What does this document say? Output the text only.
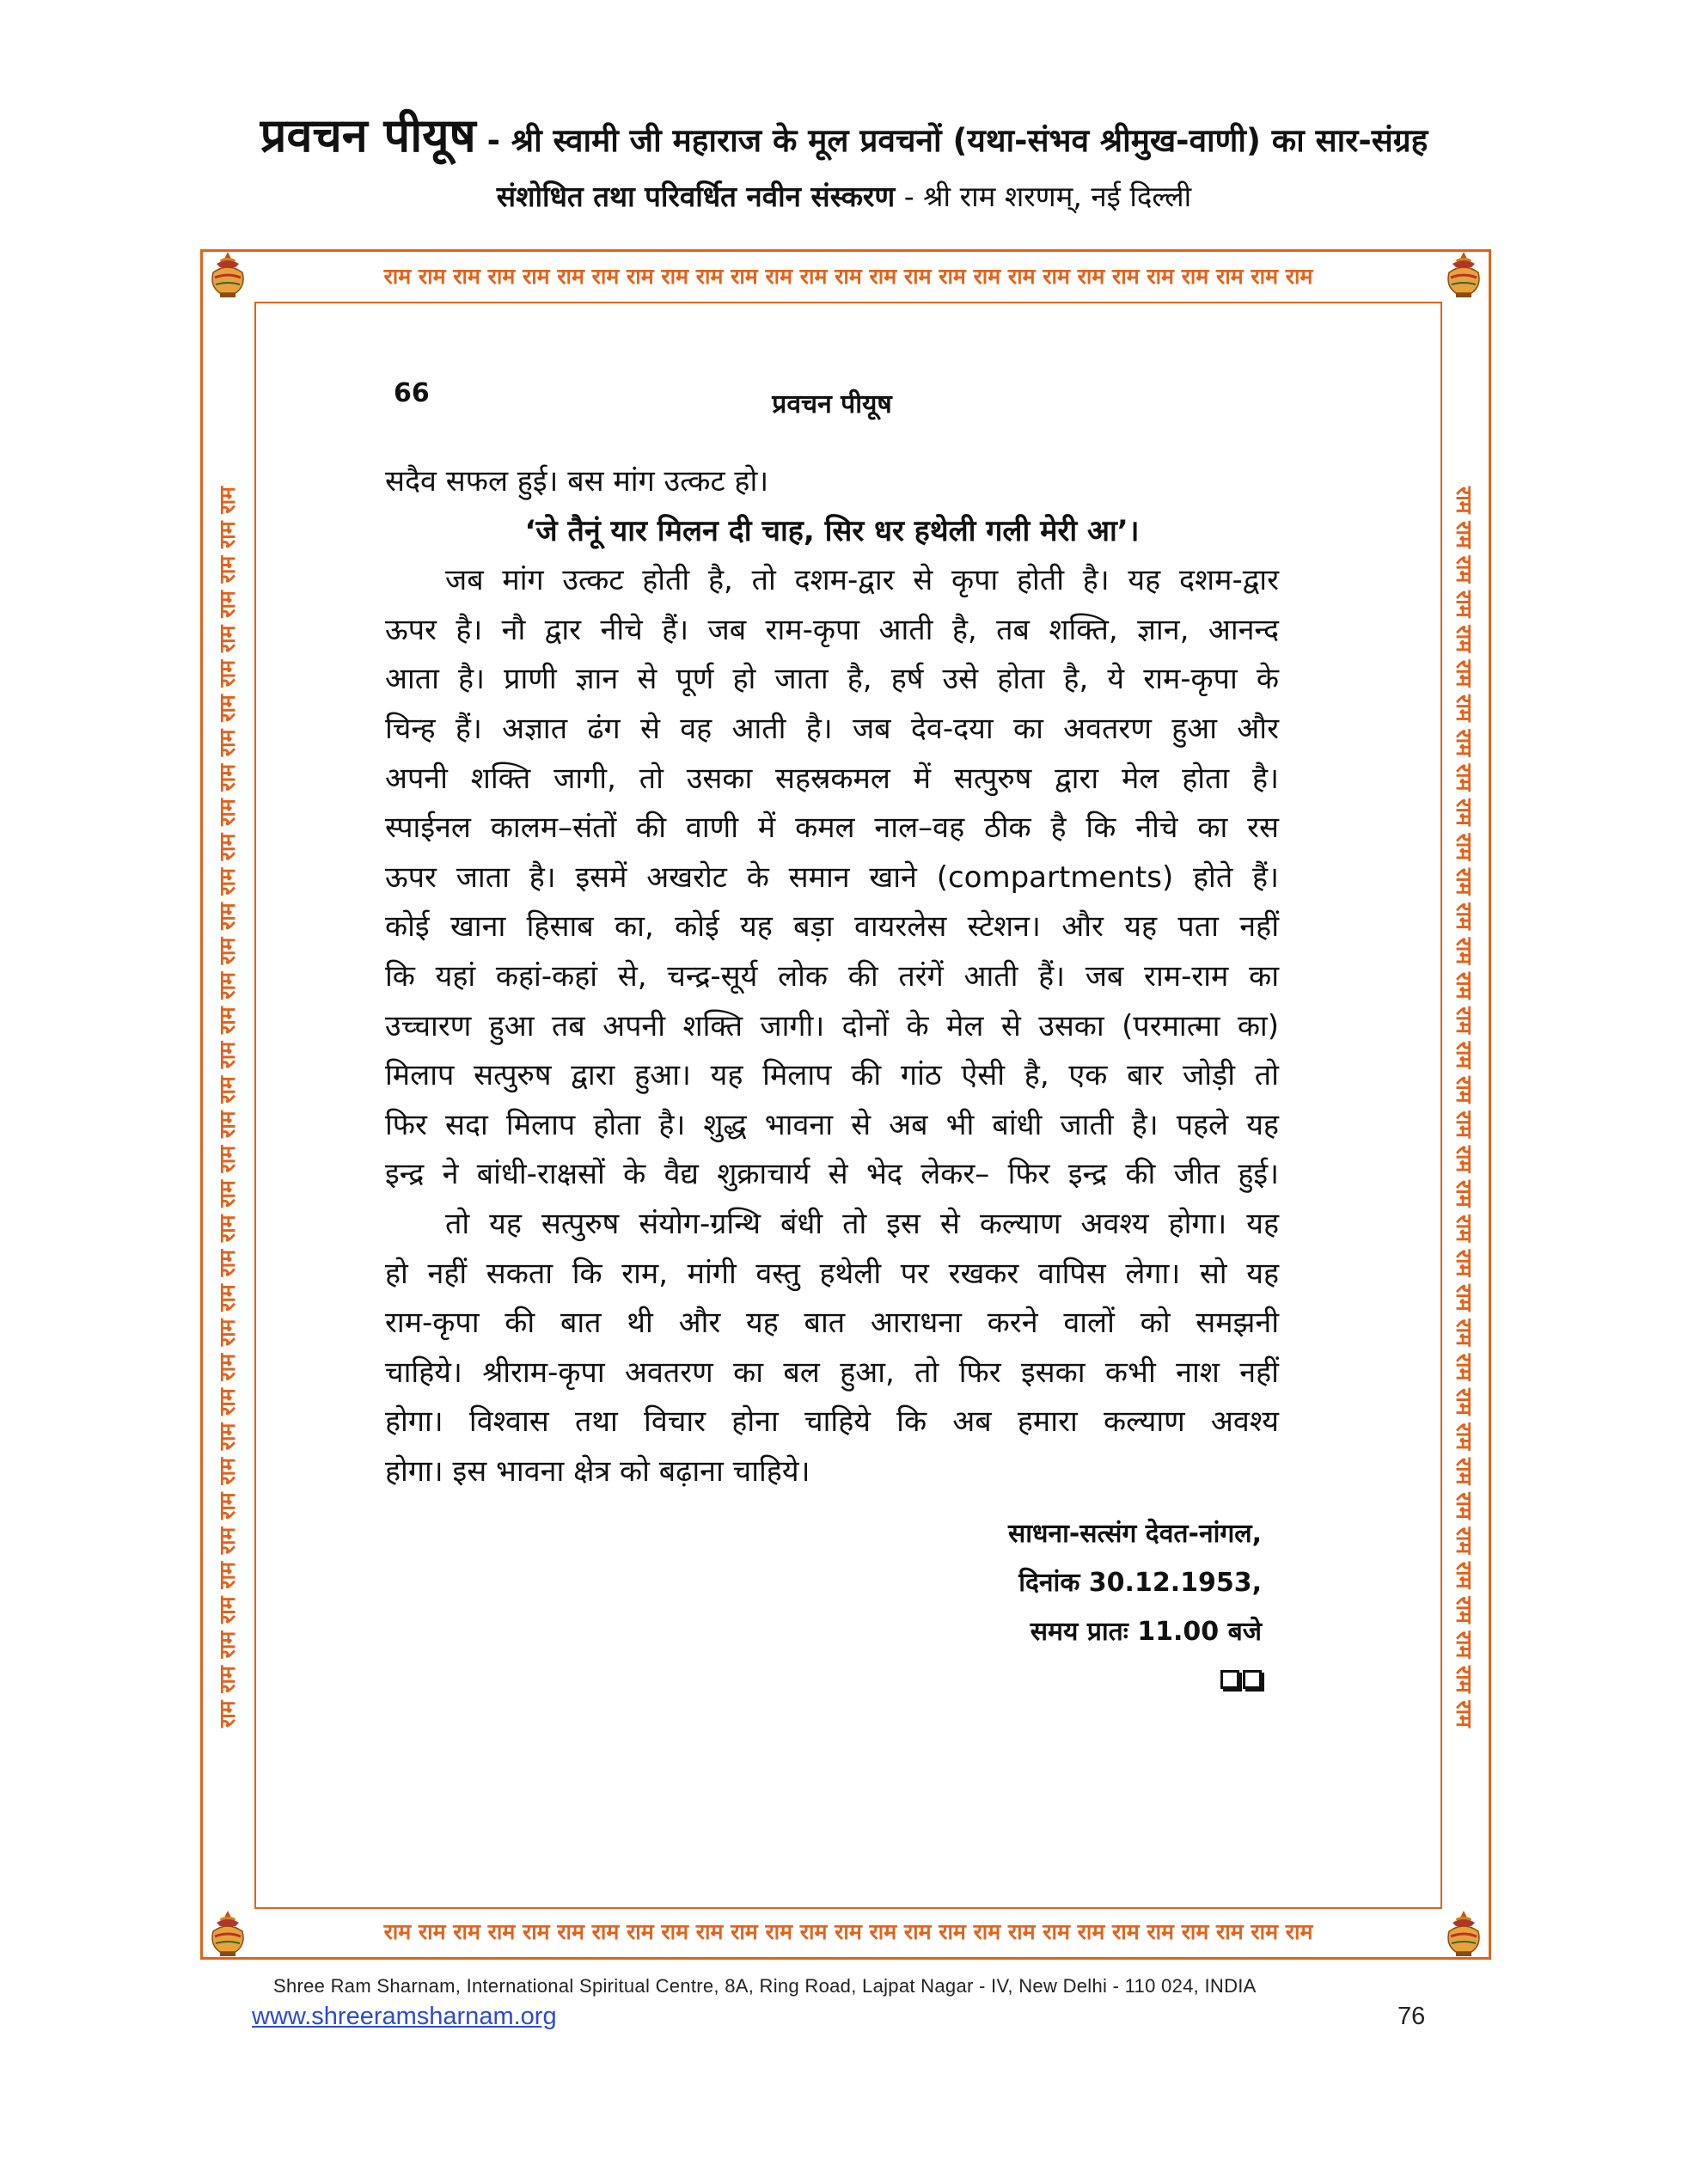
प्रवचन पीयूष - श्री स्वामी जी महाराज के मूल प्रवचनों (यथा-संभव श्रीमुख-वाणी) का सार-संग्रह
संशोधित तथा परिवर्धित नवीन संस्करण - श्री राम शरणम्, नई दिल्ली
राम राम राम राम राम राम राम राम राम राम राम राम राम राम राम राम राम राम राम राम राम राम राम राम राम राम राम
राम राम राम राम राम राम राम राम राम राम राम राम राम राम राम राम राम राम राम राम राम राम राम राम राम राम राम
राम राम राम राम राम राम राम राम राम राम राम राम राम राम राम राम राम राम राम राम राम राम राम राम राम राम राम राम राम राम राम राम राम राम राम राम	राम राम राम राम राम राम राम राम राम राम राम राम राम राम राम राम राम राम राम राम राम राम राम राम राम राम राम राम राम राम राम राम राम राम राम राम
66	प्रवचन पीयूष
सदैव सफल हुई। बस मांग उत्कट हो।
‘जे तैनूं यार मिलन दी चाह, सिर धर हथेली गली मेरी आ’।
जब मांग उत्कट होती है, तो दशम-द्वार से कृपा होती है। यह दशम-द्वार
ऊपर है। नौ द्वार नीचे हैं। जब राम-कृपा आती है, तब शक्ति, ज्ञान, आनन्द
आता है। प्राणी ज्ञान से पूर्ण हो जाता है, हर्ष उसे होता है, ये राम-कृपा के
चिन्ह हैं। अज्ञात ढंग से वह आती है। जब देव-दया का अवतरण हुआ और
अपनी शक्ति जागी, तो उसका सहस्रकमल में सत्पुरुष द्वारा मेल होता है।
स्पाईनल कालम–संतों की वाणी में कमल नाल–वह ठीक है कि नीचे का रस
ऊपर जाता है। इसमें अखरोट के समान खाने (compartments) होते हैं।
कोई खाना हिसाब का, कोई यह बड़ा वायरलेस स्टेशन। और यह पता नहीं
कि यहां कहां-कहां से, चन्द्र-सूर्य लोक की तरंगें आती हैं। जब राम-राम का
उच्चारण हुआ तब अपनी शक्ति जागी। दोनों के मेल से उसका (परमात्मा का)
मिलाप सत्पुरुष द्वारा हुआ। यह मिलाप की गांठ ऐसी है, एक बार जोड़ी तो
फिर सदा मिलाप होता है। शुद्ध भावना से अब भी बांधी जाती है। पहले यह
इन्द्र ने बांधी-राक्षसों के वैद्य शुक्राचार्य से भेद लेकर– फिर इन्द्र की जीत हुई।
तो यह सत्पुरुष संयोग-ग्रन्थि बंधी तो इस से कल्याण अवश्य होगा। यह
हो नहीं सकता कि राम, मांगी वस्तु हथेली पर रखकर वापिस लेगा। सो यह
राम-कृपा की बात थी और यह बात आराधना करने वालों को समझनी
चाहिये। श्रीराम-कृपा अवतरण का बल हुआ, तो फिर इसका कभी नाश नहीं
होगा। विश्वास तथा विचार होना चाहिये कि अब हमारा कल्याण अवश्य
होगा। इस भावना क्षेत्र को बढ़ाना चाहिये।
साधना-सत्संग देवत-नांगल,
दिनांक 30.12.1953,
समय प्रातः 11.00 बजे
Shree Ram Sharnam, International Spiritual Centre, 8A, Ring Road, Lajpat Nagar - IV, New Delhi - 110 024, INDIA
www.shreeramsharnam.org	76
